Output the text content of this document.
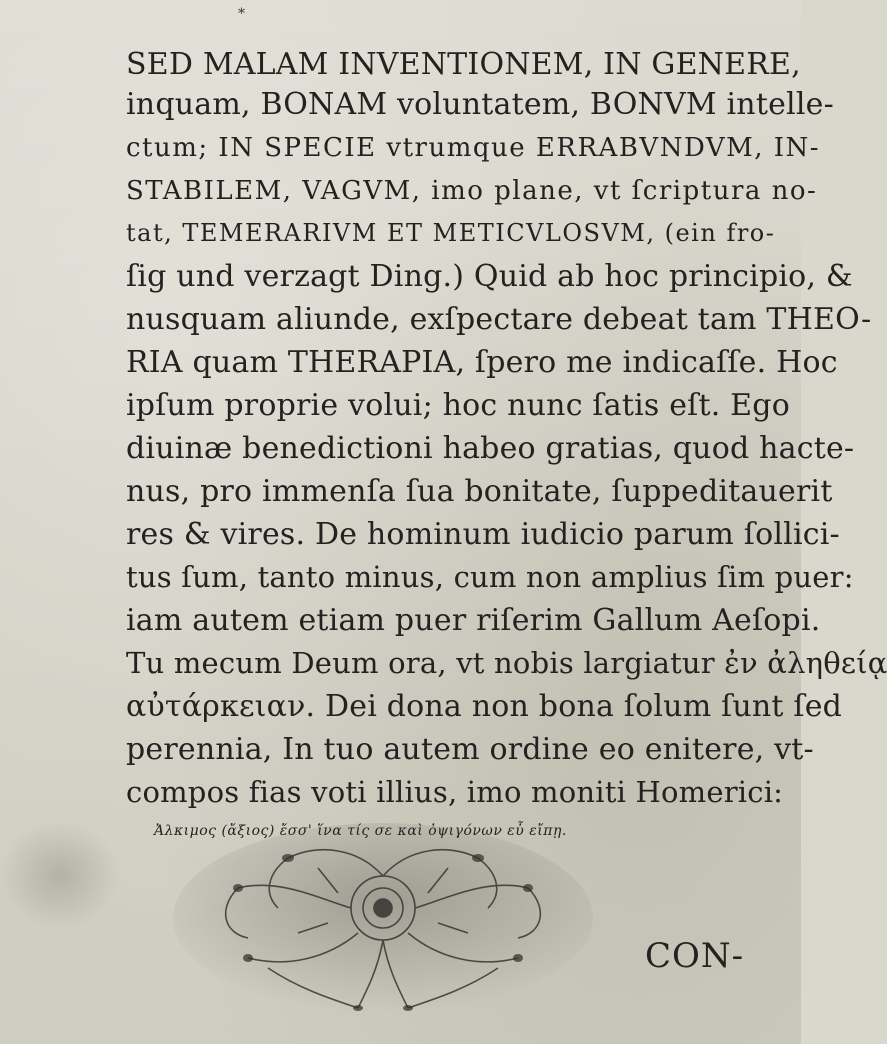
*
SED MALAM INVENTIONEM, IN GENERE,
inquam, BONAM voluntatem, BONVM intelle-
ctum; IN SPECIE vtrumque ERRABVNDVM, IN-
STABILEM, VAGVM, imo plane, vt ſcriptura no-
tat, TEMERARIVM ET METICVLOSVM, (ein fro-
ſig und verzagt Ding.) Quid ab hoc principio, &
nusquam aliunde, exſpectare debeat tam THEO-
RIA quam THERAPIA, ſpero me indicaſſe. Hoc
ipſum proprie volui; hoc nunc ſatis eſt. Ego
diuinæ benedictioni habeo gratias, quod hacte-
nus, pro immenſa ſua bonitate, ſuppeditauerit
res & vires. De hominum iudicio parum ſollici-
tus ſum, tanto minus, cum non amplius ſim puer:
iam autem etiam puer riſerim Gallum Aeſopi.
Tu mecum Deum ora, vt nobis largiatur ἐν ἀληθείᾳ
αὐτάρκειαν. Dei dona non bona ſolum ſunt ſed
perennia, In tuo autem ordine eo enitere, vt-
compos fias voti illius, imo moniti Homerici:
Ἀλκιμος (ἄξιος) ἔσσ' ἵνα τίς σε καὶ ὀψιγόνων εὖ εἴπῃ.
CON-
